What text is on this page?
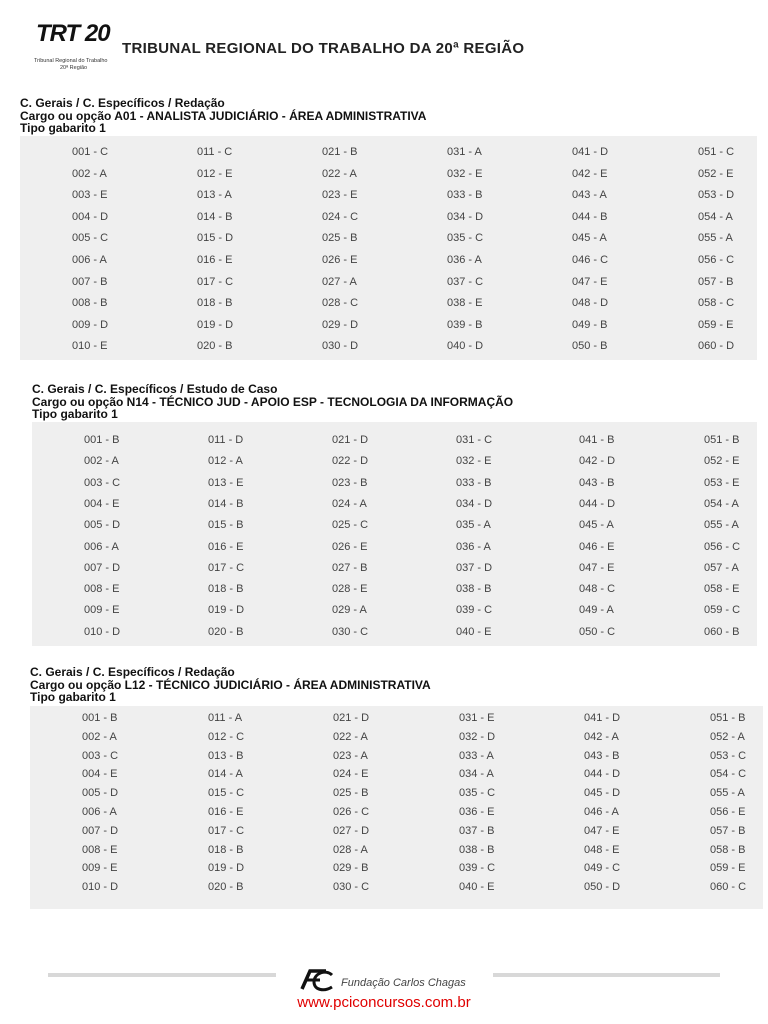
TRT 20
Tribunal Regional do Trabalho
20ª Região
TRIBUNAL REGIONAL DO TRABALHO DA 20ª REGIÃO
C. Gerais / C. Específicos / Redação
Cargo ou opção A01 - ANALISTA JUDICIÁRIO - ÁREA ADMINISTRATIVA
Tipo gabarito 1
001 - C
002 - A
003 - E
004 - D
005 - C
006 - A
007 - B
008 - B
009 - D
010 - E
011 - C
012 - E
013 - A
014 - B
015 - D
016 - E
017 - C
018 - B
019 - D
020 - B
021 - B
022 - A
023 - E
024 - C
025 - B
026 - E
027 - A
028 - C
029 - D
030 - D
031 - A
032 - E
033 - B
034 - D
035 - C
036 - A
037 - C
038 - E
039 - B
040 - D
041 - D
042 - E
043 - A
044 - B
045 - A
046 - C
047 - E
048 - D
049 - B
050 - B
051 - C
052 - E
053 - D
054 - A
055 - A
056 - C
057 - B
058 - C
059 - E
060 - D
C. Gerais / C. Específicos / Estudo de Caso
Cargo ou opção N14 - TÉCNICO JUD - APOIO ESP - TECNOLOGIA DA INFORMAÇÃO
Tipo gabarito 1
001 - B
002 - A
003 - C
004 - E
005 - D
006 - A
007 - D
008 - E
009 - E
010 - D
011 - D
012 - A
013 - E
014 - B
015 - B
016 - E
017 - C
018 - B
019 - D
020 - B
021 - D
022 - D
023 - B
024 - A
025 - C
026 - E
027 - B
028 - E
029 - A
030 - C
031 - C
032 - E
033 - B
034 - D
035 - A
036 - A
037 - D
038 - B
039 - C
040 - E
041 - B
042 - D
043 - B
044 - D
045 - A
046 - E
047 - E
048 - C
049 - A
050 - C
051 - B
052 - E
053 - E
054 - A
055 - A
056 - C
057 - A
058 - E
059 - C
060 - B
C. Gerais / C. Específicos / Redação
Cargo ou opção L12 - TÉCNICO JUDICIÁRIO - ÁREA ADMINISTRATIVA
Tipo gabarito 1
001 - B
002 - A
003 - C
004 - E
005 - D
006 - A
007 - D
008 - E
009 - E
010 - D
011 - A
012 - C
013 - B
014 - A
015 - C
016 - E
017 - C
018 - B
019 - D
020 - B
021 - D
022 - A
023 - A
024 - E
025 - B
026 - C
027 - D
028 - A
029 - B
030 - C
031 - E
032 - D
033 - A
034 - A
035 - C
036 - E
037 - B
038 - B
039 - C
040 - E
041 - D
042 - A
043 - B
044 - D
045 - D
046 - A
047 - E
048 - E
049 - C
050 - D
051 - B
052 - A
053 - C
054 - C
055 - A
056 - E
057 - B
058 - B
059 - E
060 - C
Fundação Carlos Chagas
www.pciconcursos.com.br
